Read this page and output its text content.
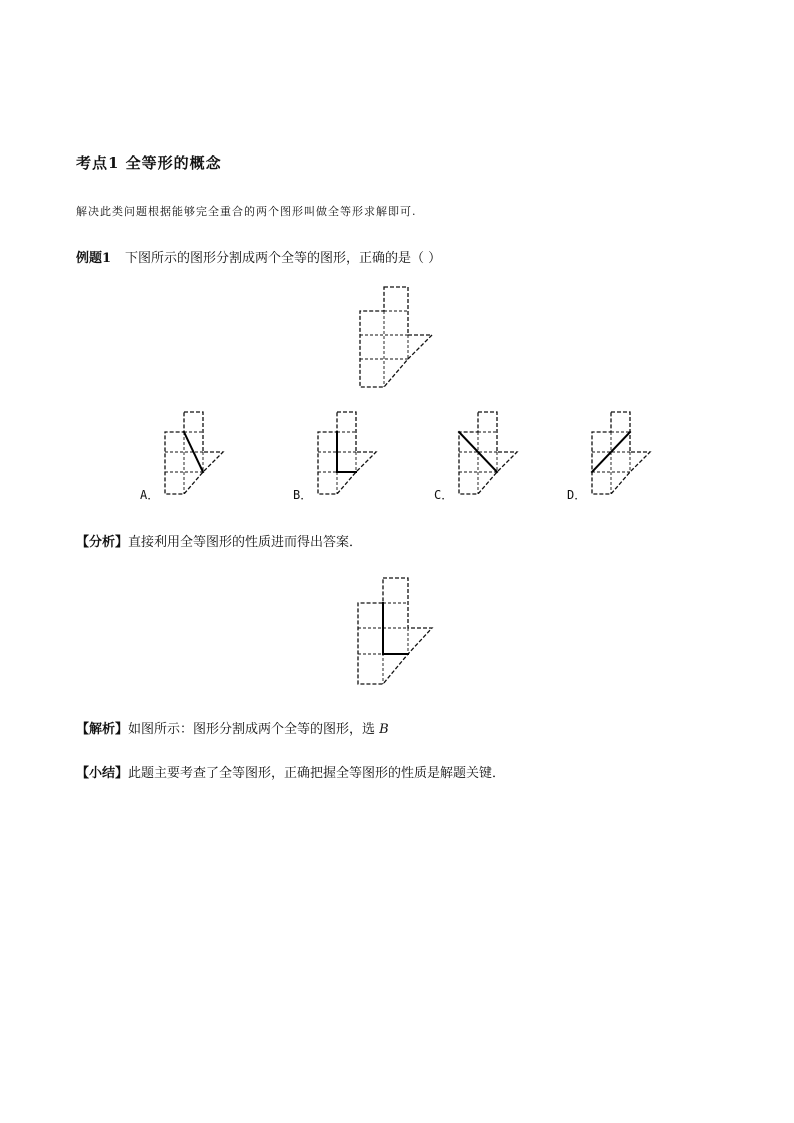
考点1 全等形的概念
解决此类问题根据能够完全重合的两个图形叫做全等形求解即可.
例题1 下图所示的图形分割成两个全等的图形，正确的是（ ）
A．	B．	C．	D．
【分析】直接利用全等图形的性质进而得出答案．
【解析】如图所示：图形分割成两个全等的图形，选 B
【小结】此题主要考查了全等图形，正确把握全等图形的性质是解题关键．
